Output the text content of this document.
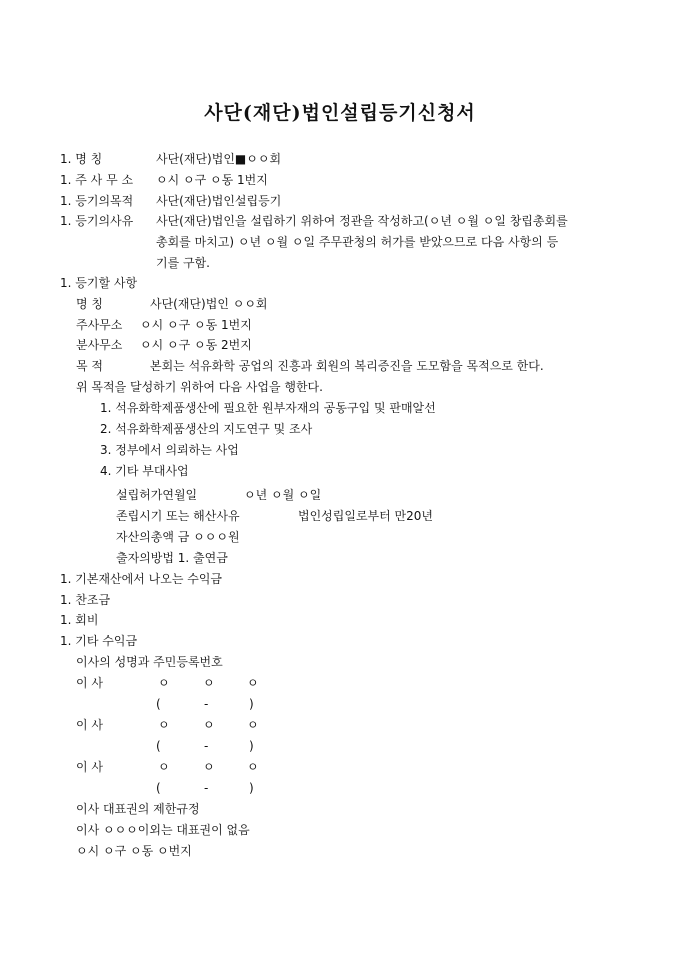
사단(재단)법인설립등기신청서
1. 명 칭	사단(재단)법인■ㅇㅇ회
1. 주 사 무 소 ㅇ시 ㅇ구 ㅇ동 1번지
1. 등기의목적 사단(재단)법인설립등기
1. 등기의사유 사단(재단)법인을 설립하기 위하여 정관을 작성하고(ㅇ년 ㅇ월 ㅇ일 창립총회를
총회를 마치고) ㅇ년 ㅇ월 ㅇ일 주무관청의 허가를 받았으므로 다음 사항의 등
기를 구함.
1. 등기할 사항
명 칭	사단(재단)법인 ㅇㅇ회
주사무소 ㅇ시 ㅇ구 ㅇ동 1번지
분사무소 ㅇ시 ㅇ구 ㅇ동 2번지
목 적	본회는 석유화학 공업의 진흥과 회원의 복리증진을 도모함을 목적으로 한다.
위 목적을 달성하기 위하여 다음 사업을 행한다.
1. 석유화학제품생산에 필요한 원부자재의 공동구입 및 판매알선
2. 석유화학제품생산의 지도연구 및 조사
3. 정부에서 의뢰하는 사업
4. 기타 부대사업
설립허가연월일	ㅇ년 ㅇ월 ㅇ일
존립시기 또는 해산사유	법인성립일로부터 만20년
자산의총액 금 ㅇㅇㅇ원
출자의방법 1. 출연금
1. 기본재산에서 나오는 수익금
1. 찬조금
1. 회비
1. 기타 수익금
이사의 성명과 주민등록번호
이 사	ㅇ	ㅇ	ㅇ
(	-	)
이 사	ㅇ	ㅇ	ㅇ
(	-	)
이 사	ㅇ	ㅇ	ㅇ
(	-	)
이사 대표권의 제한규정
이사 ㅇㅇㅇ이외는 대표권이 없음
ㅇ시 ㅇ구 ㅇ동 ㅇ번지
